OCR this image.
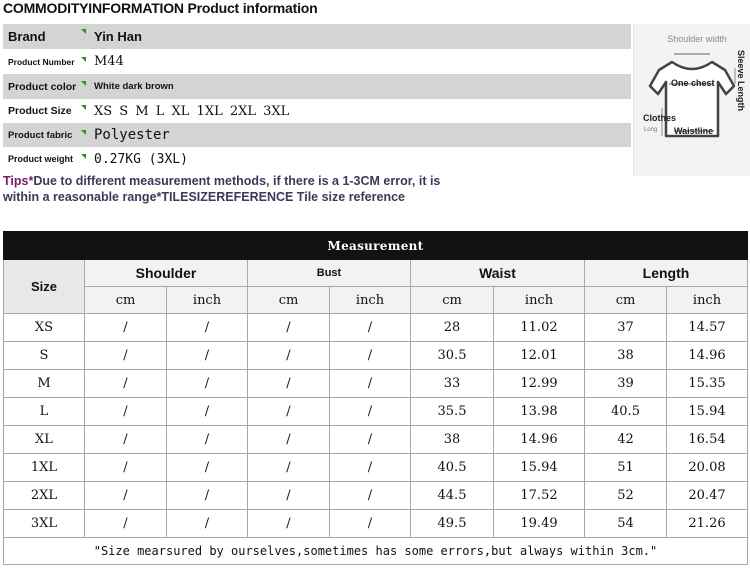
COMMODITYINFORMATION Product information
Brand	Yin Han
Product Number	M44
Product color	White dark brown
Product Size	XS S M L XL 1XL 2XL 3XL
Product fabric	Polyester
Product weight	0.27KG (3XL)
Shoulder width
One chest
Clothes
Long Waistline
Sleeve Length
Tips*Due to different measurement methods, if there is a 1-3CM error, it is within a reasonable range*TILESIZEREFERENCE Tile size reference
Measurement								
Size	Shoulder		Bust		Waist		Length	
	cm	inch	cm	inch	cm	inch	cm	inch
XS	/	/	/	/	28	11.02	37	14.57
S	/	/	/	/	30.5	12.01	38	14.96
M	/	/	/	/	33	12.99	39	15.35
L	/	/	/	/	35.5	13.98	40.5	15.94
XL	/	/	/	/	38	14.96	42	16.54
1XL	/	/	/	/	40.5	15.94	51	20.08
2XL	/	/	/	/	44.5	17.52	52	20.47
3XL	/	/	/	/	49.5	19.49	54	21.26
"Size mearsured by ourselves,sometimes has some errors,but always within 3cm."								
